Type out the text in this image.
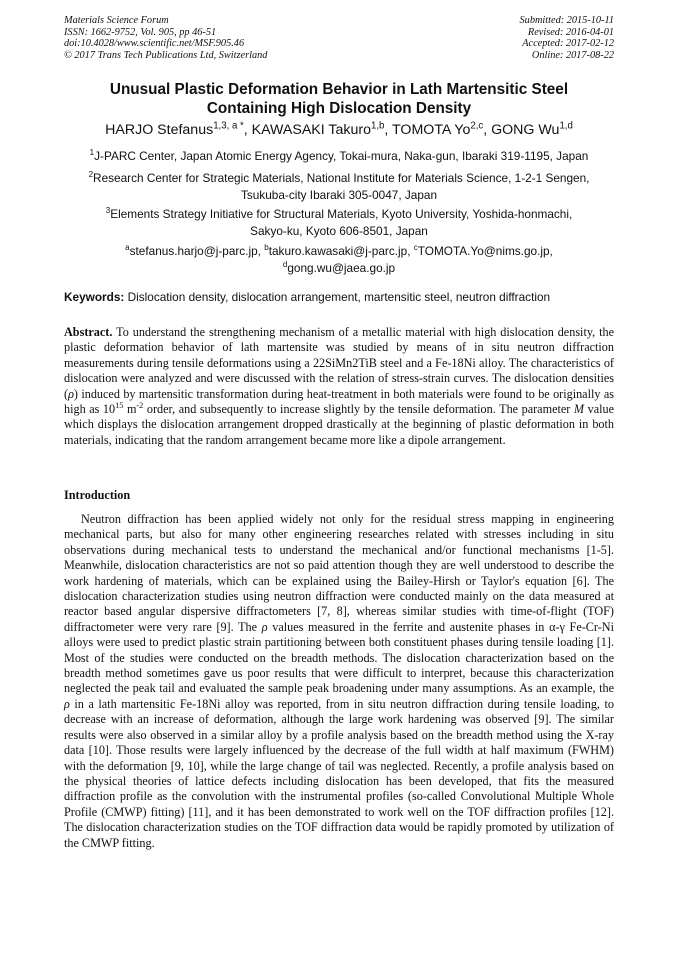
Materials Science Forum
ISSN: 1662-9752, Vol. 905, pp 46-51
doi:10.4028/www.scientific.net/MSF.905.46
© 2017 Trans Tech Publications Ltd, Switzerland
Submitted: 2015-10-11
Revised: 2016-04-01
Accepted: 2017-02-12
Online: 2017-08-22
Unusual Plastic Deformation Behavior in Lath Martensitic Steel
Containing High Dislocation Density
HARJO Stefanus$^{1,3, a *}$, KAWASAKI Takuro$^{1,b}$, TOMOTA Yo$^{2,c}$, GONG Wu$^{1,d}$
$^1$J-PARC Center, Japan Atomic Energy Agency, Tokai-mura, Naka-gun, Ibaraki 319-1195, Japan
$^2$Research Center for Strategic Materials, National Institute for Materials Science, 1-2-1 Sengen,
Tsukuba-city Ibaraki 305-0047, Japan
$^3$Elements Strategy Initiative for Structural Materials, Kyoto University, Yoshida-honmachi,
Sakyo-ku, Kyoto 606-8501, Japan
$^a$stefanus.harjo@j-parc.jp, $^b$takuro.kawasaki@j-parc.jp, $^c$TOMOTA.Yo@nims.go.jp,
$^d$gong.wu@jaea.go.jp
Keywords: Dislocation density, dislocation arrangement, martensitic steel, neutron diffraction

Abstract. To understand the strengthening mechanism of a metallic material with high dislocation density, the plastic deformation behavior of lath martensite was studied by means of in situ neutron diffraction measurements during tensile deformations using a 22SiMn2TiB steel and a Fe-18Ni alloy. The characteristics of dislocation were analyzed and were discussed with the relation of stress-strain curves. The dislocation densities (ρ) induced by martensitic transformation during heat-treatment in both materials were found to be originally as high as $10^{15}$ $m^{-2}$ order, and subsequently to increase slightly by the tensile deformation. The parameter M value which displays the dislocation arrangement dropped drastically at the beginning of plastic deformation in both materials, indicating that the random arrangement became more like a dipole arrangement.

Introduction

Neutron diffraction has been applied widely not only for the residual stress mapping in engineering mechanical parts, but also for many other engineering researches related with stresses including in situ observations during mechanical tests to understand the mechanical and/or functional mechanisms [1-5]. Meanwhile, dislocation characteristics are not so paid attention though they are well understood to describe the work hardening of materials, which can be explained using the Bailey-Hirsh or Taylor's equation [6]. The dislocation characterization studies using neutron diffraction were conducted mainly on the data measured at reactor based angular dispersive diffractometers [7, 8], whereas similar studies with time-of-flight (TOF) diffractometer were very rare [9]. The ρ values measured in the ferrite and austenite phases in α-γ Fe-Cr-Ni alloys were used to predict plastic strain partitioning between both constituent phases during tensile loading [1]. Most of the studies were conducted on the breadth methods. The dislocation characterization based on the breadth method sometimes gave us poor results that were difficult to interpret, because this characterization neglected the peak tail and evaluated the sample peak broadening under many assumptions. As an example, the ρ in a lath martensitic Fe-18Ni alloy was reported, from in situ neutron diffraction during tensile loading, to decrease with an increase of deformation, although the large work hardening was observed [9]. The similar results were also observed in a similar alloy by a profile analysis based on the breadth method using the X-ray data [10]. Those results were largely influenced by the decrease of the full width at half maximum (FWHM) with the deformation [9, 10], while the large change of tail was neglected. Recently, a profile analysis based on the physical theories of lattice defects including dislocation has been developed, that fits the measured diffraction profile as the convolution with the instrumental profiles (so-called Convolutional Multiple Whole Profile (CMWP) fitting) [11], and it has been demonstrated to work well on the TOF diffraction profiles [12]. The dislocation characterization studies on the TOF diffraction data would be rapidly promoted by utilization of the CMWP fitting.
